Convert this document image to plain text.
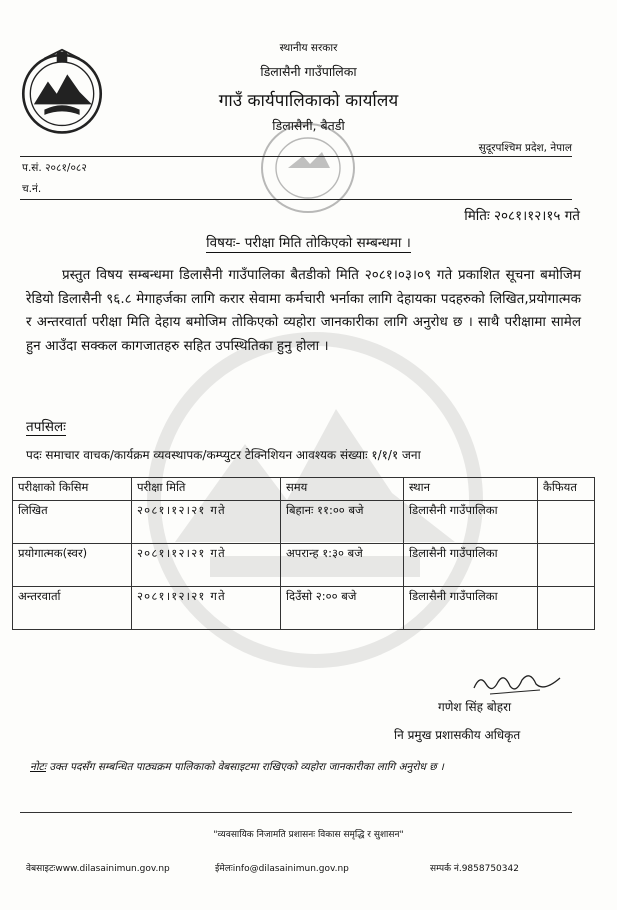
स्थानीय सरकार
डिलासैनी गाउँपालिका
गाउँ कार्यपालिकाको कार्यालय
डिलासैनी, बैतडी
सुदूरपश्चिम प्रदेश, नेपाल
प.सं. २०८१/०८२
च.नं.
मितिः २०८१।१२।१५ गते
विषयः- परीक्षा मिति तोकिएको सम्बन्धमा ।
प्रस्तुत विषय सम्बन्धमा डिलासैनी गाउँपालिका बैतडीको मिति २०८१।०३।०९ गते प्रकाशित सूचना बमोजिम रेडियो डिलासैनी ९६.८ मेगाहर्जका लागि करार सेवामा कर्मचारी भर्नाका लागि देहायका पदहरुको लिखित,प्रयोगात्मक र अन्तरवार्ता परीक्षा मिति देहाय बमोजिम तोकिएको व्यहोरा जानकारीका लागि अनुरोध छ । साथै परीक्षामा सामेल हुन आउँदा सक्कल कागजातहरु सहित उपस्थितिका हुनु होला ।
तपसिलः
पदः समाचार वाचक/कार्यक्रम व्यवस्थापक/कम्प्युटर टेक्निशियन आवश्यक संख्याः १/१/१ जना
परीक्षाको किसिम	परीक्षा मिति	समय	स्थान	कैफियत
लिखित	२०८१।१२।२१ गते	बिहानः ११:०० बजे	डिलासैनी गाउँपालिका	
प्रयोगात्मक(स्वर)	२०८१।१२।२१ गते	अपरान्ह १:३० बजे	डिलासैनी गाउँपालिका	
अन्तरवार्ता	२०८१।१२।२१ गते	दिउँसो २:०० बजे	डिलासैनी गाउँपालिका	
गणेश सिंह बोहरा
नि प्रमुख प्रशासकीय अधिकृत
नोटः उक्त पदसँग सम्बन्धित पाठ्यक्रम पालिकाको वेबसाइटमा राखिएको व्यहोरा जानकारीका लागि अनुरोध छ ।
"व्यवसायिक निजामति प्रशासनः विकास समृद्धि र सुशासन"
वेबसाइटःwww.dilasainimun.gov.np	ईमेलःinfo@dilasainimun.gov.np	सम्पर्क नं.9858750342
